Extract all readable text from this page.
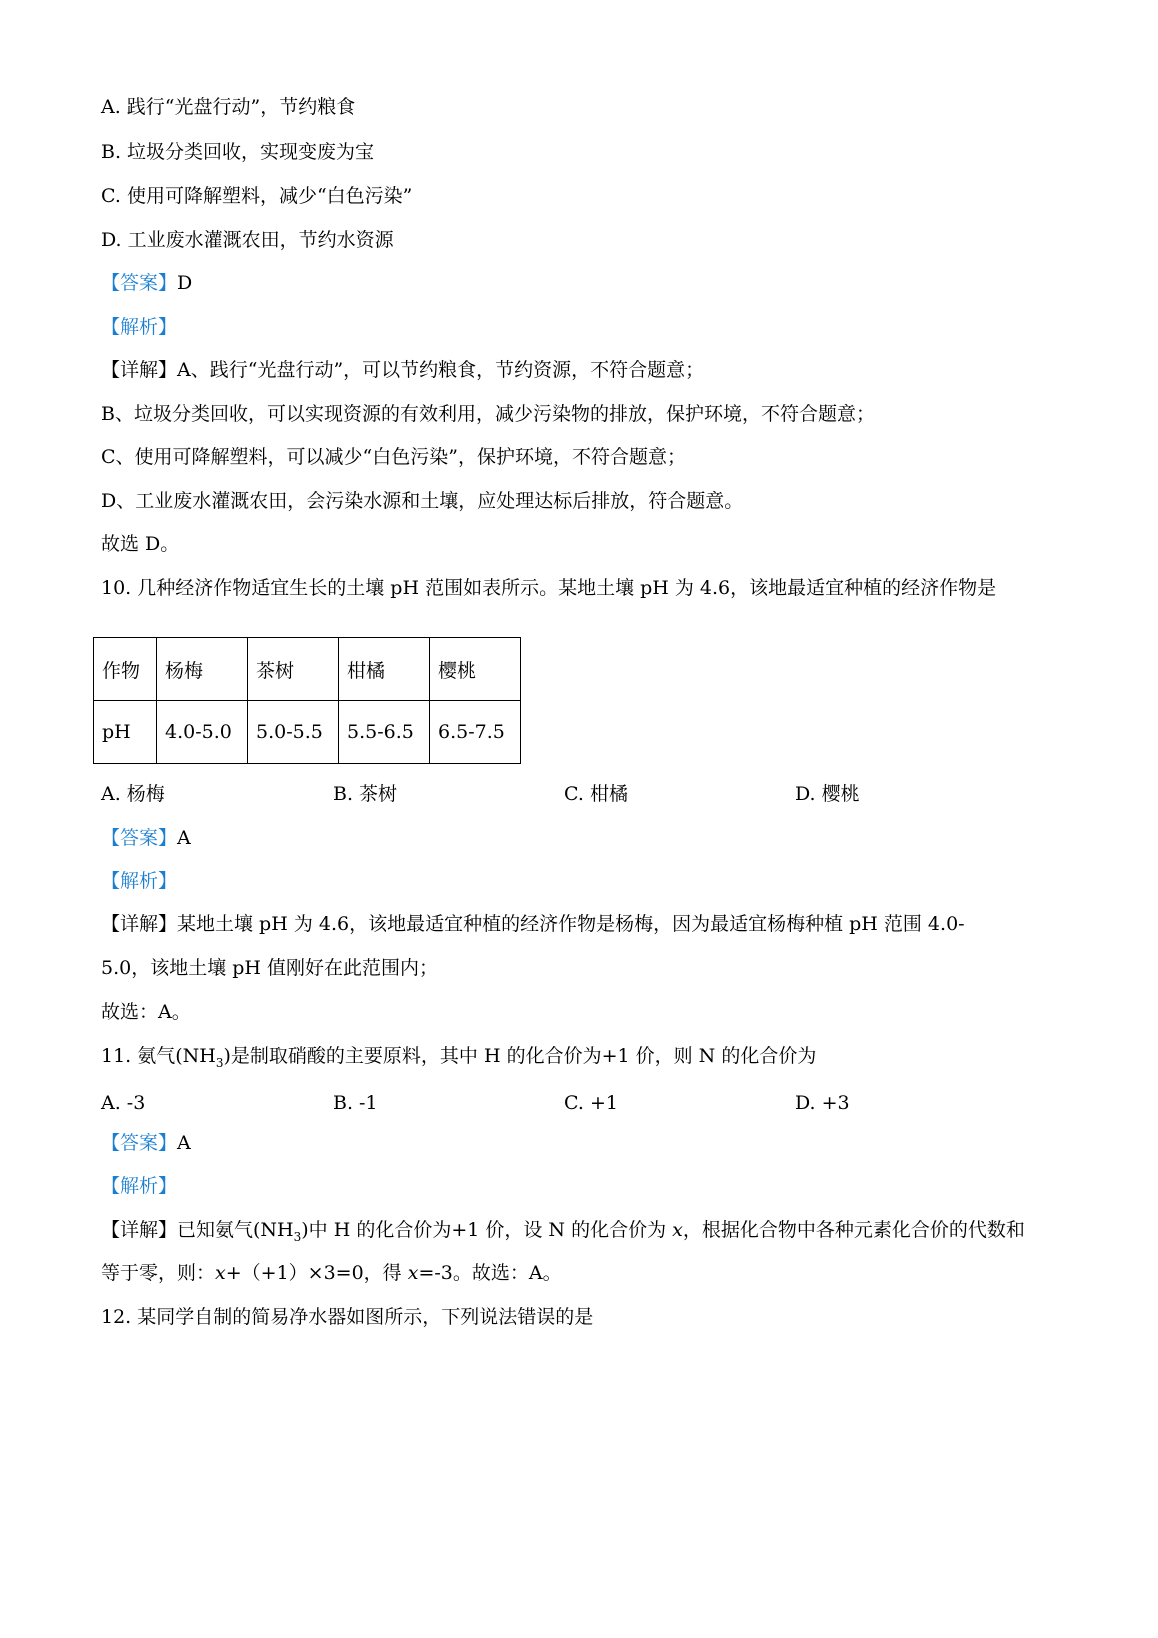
A. 践行“光盘行动”，节约粮食
B. 垃圾分类回收，实现变废为宝
C. 使用可降解塑料，减少“白色污染”
D. 工业废水灌溉农田，节约水资源
【答案】D
【解析】
【详解】A、践行“光盘行动”，可以节约粮食，节约资源，不符合题意；
B、垃圾分类回收，可以实现资源的有效利用，减少污染物的排放，保护环境，不符合题意；
C、使用可降解塑料，可以减少“白色污染”，保护环境，不符合题意；
D、工业废水灌溉农田，会污染水源和土壤，应处理达标后排放，符合题意。
故选 D。
10. 几种经济作物适宜生长的土壤 pH 范围如表所示。某地土壤 pH 为 4.6，该地最适宜种植的经济作物是
作物	杨梅	茶树	柑橘	樱桃
pH	4.0-5.0	5.0-5.5	5.5-6.5	6.5-7.5
A. 杨梅	B. 茶树	C. 柑橘	D. 樱桃
【答案】A
【解析】
【详解】某地土壤 pH 为 4.6，该地最适宜种植的经济作物是杨梅，因为最适宜杨梅种植 pH 范围 4.0-
5.0，该地土壤 pH 值刚好在此范围内；
故选：A。
11. 氨气$(NH_3)$是制取硝酸的主要原料，其中 H 的化合价为+1 价，则 N 的化合价为
A. -3	B. -1	C. +1	D. +3
【答案】A
【解析】
【详解】已知氨气$(NH_3)$中 H 的化合价为+1 价，设 N 的化合价为 x，根据化合物中各种元素化合价的代数和
等于零，则：x+（+1）×3=0，得 x=-3。故选：A。
12. 某同学自制的简易净水器如图所示，下列说法错误的是
